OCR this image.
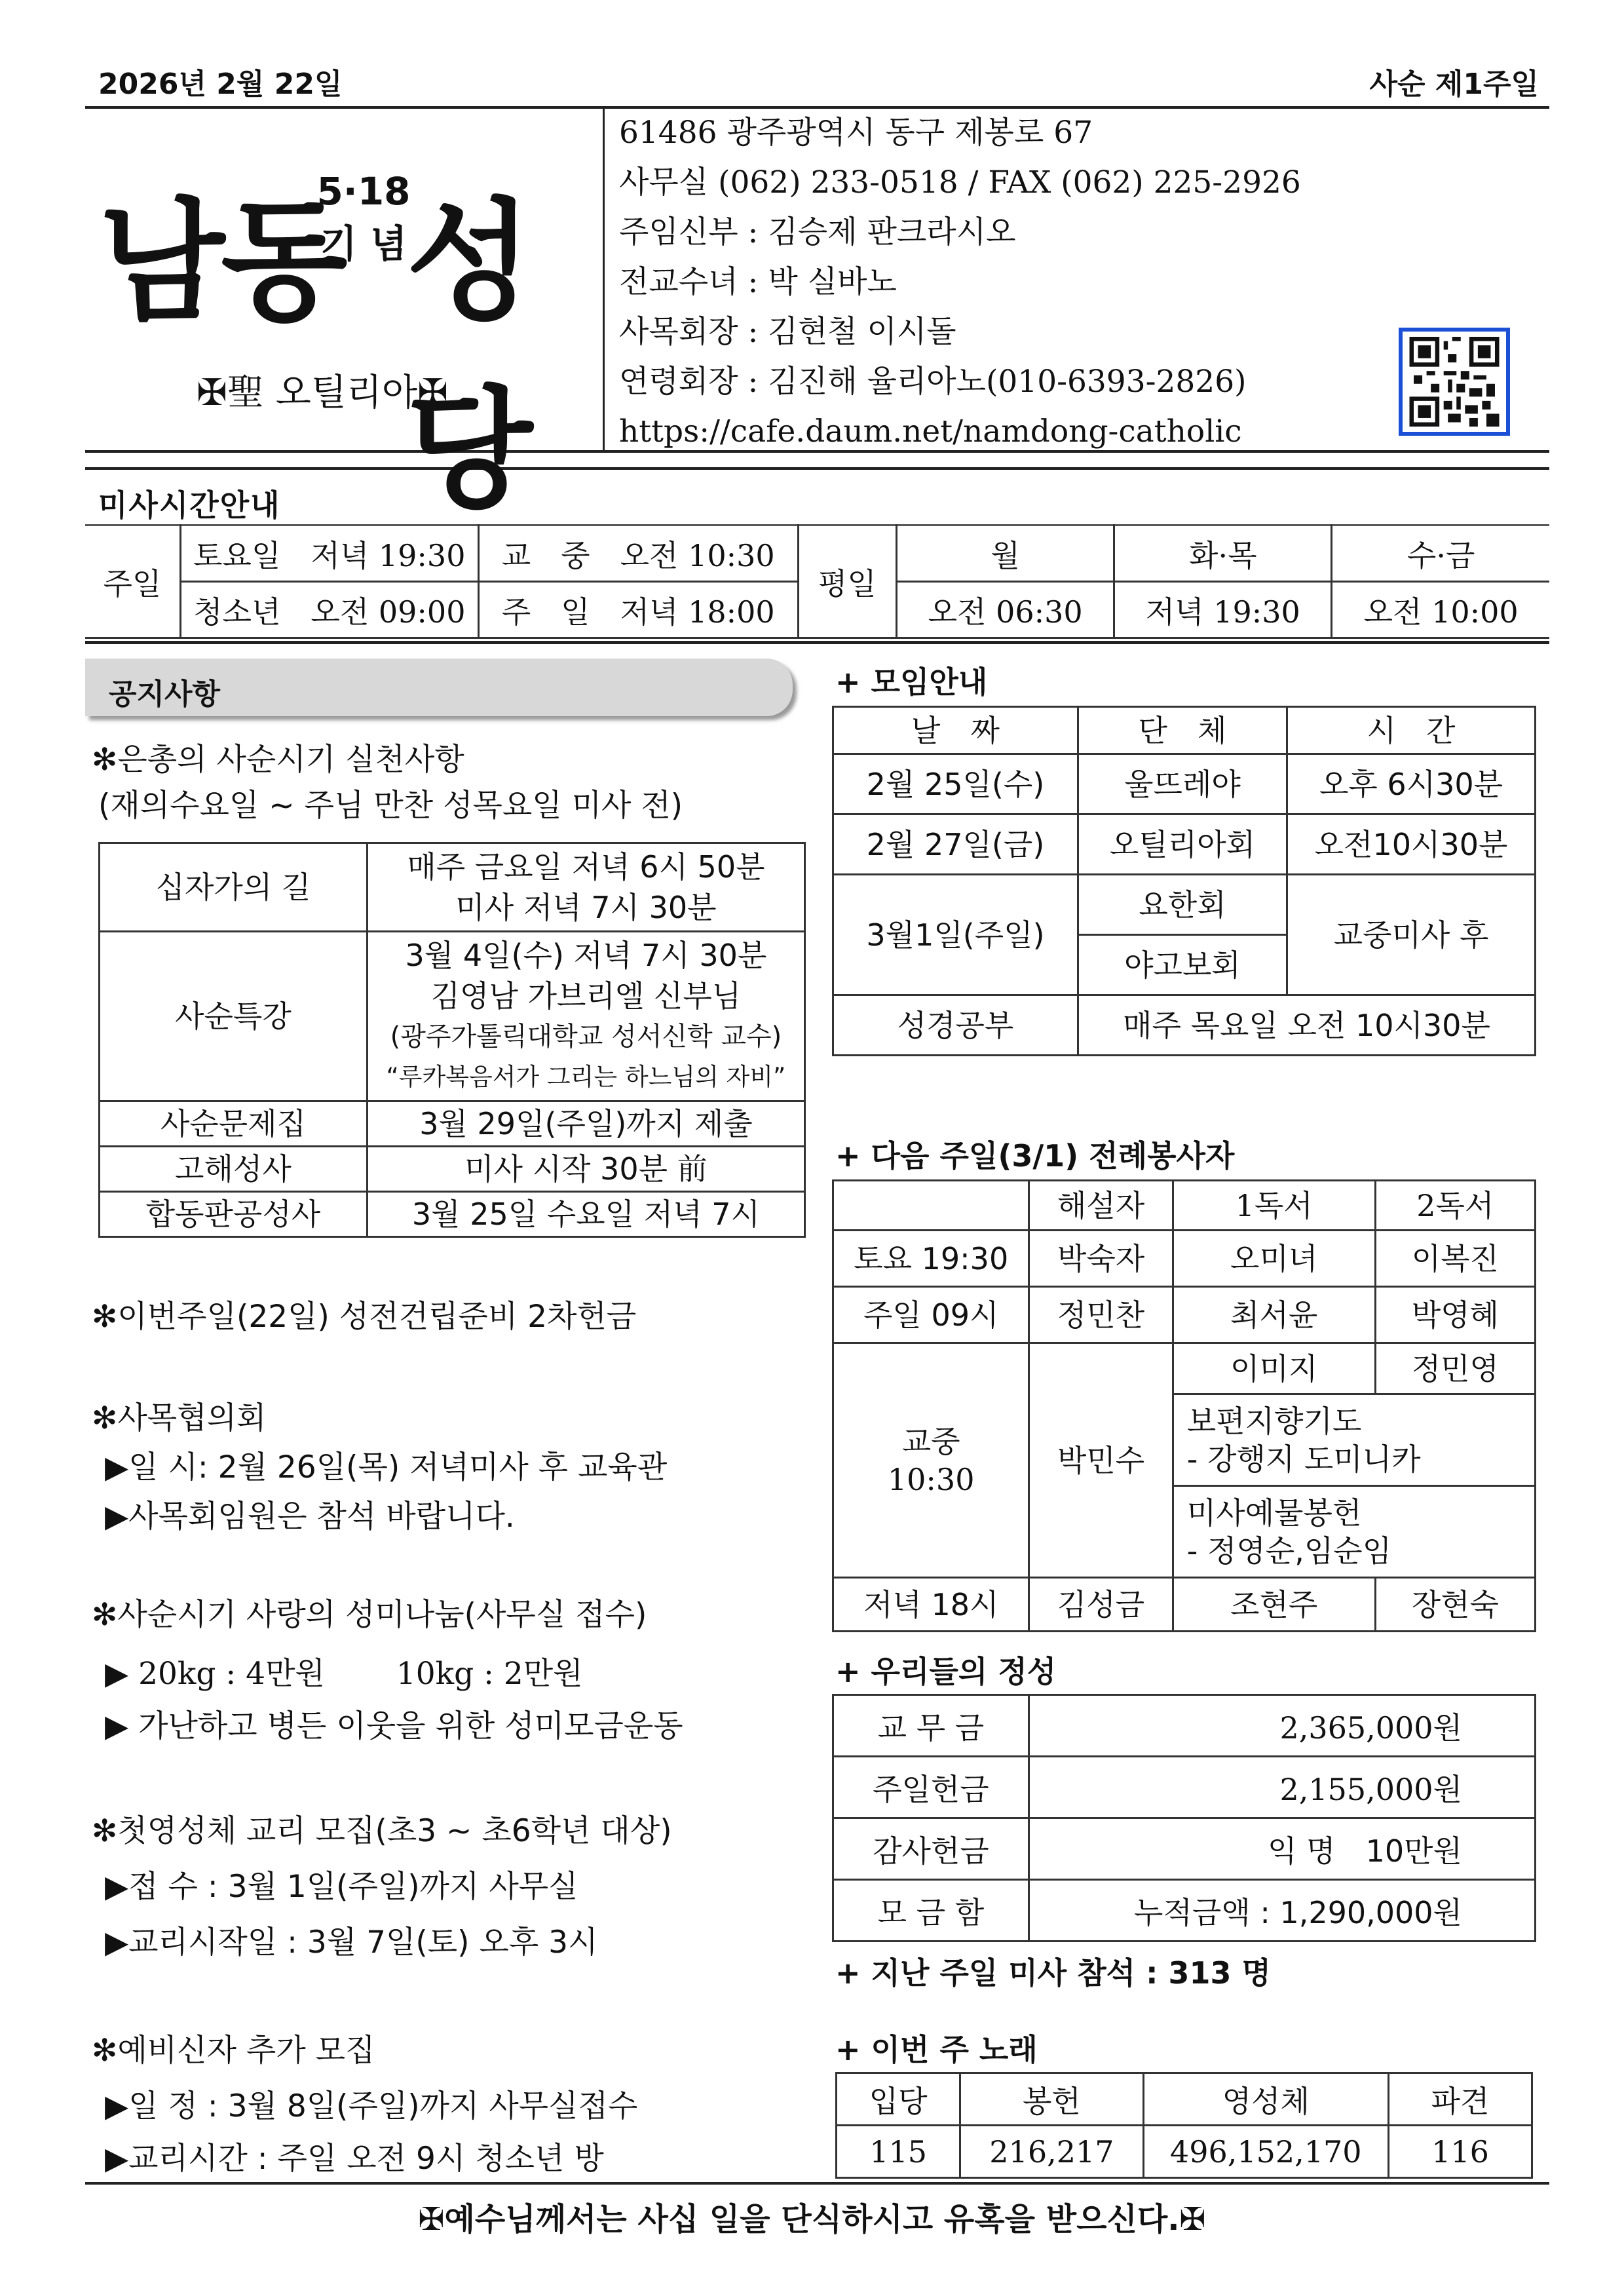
2026년 2월 22일	사순 제1주일
남동
5·18
기 념
성당
✠聖 오틸리아✠
61486 광주광역시 동구 제봉로 67
사무실 (062) 233-0518 / FAX (062) 225-2926
주임신부 : 김승제 판크라시오
전교수녀 : 박 실바노
사목회장 : 김현철 이시돌
연령회장 : 김진해 율리아노(010-6393-2826)
https://cafe.daum.net/namdong-catholic
미사시간안내
주일	토요일　저녁 19:30	교　중　오전 10:30	평일	월	화·목	수·금
	청소년　오전 09:00	주　일　저녁 18:00		오전 06:30	저녁 19:30	오전 10:00
공지사항
✻은총의 사순시기 실천사항
(재의수요일 ~ 주님 만찬 성목요일 미사 전)
십자가의 길	매주 금요일 저녁 6시 50분
미사 저녁 7시 30분

사순특강	3월 4일(수) 저녁 7시 30분
김영남 가브리엘 신부님
(광주가톨릭대학교 성서신학 교수)
“루카복음서가 그리는 하느님의 자비”

사순문제집	3월 29일(주일)까지 제출
고해성사	미사 시작 30분 前
합동판공성사	3월 25일 수요일 저녁 7시
✻이번주일(22일) 성전건립준비 2차헌금
✻사목협의회
▶일 시: 2월 26일(목) 저녁미사 후 교육관
▶사목회임원은 참석 바랍니다.
✻사순시기 사랑의 성미나눔(사무실 접수)
▶ 20kg : 4만원　　 10kg : 2만원
▶ 가난하고 병든 이웃을 위한 성미모금운동
✻첫영성체 교리 모집(초3 ~ 초6학년 대상)
▶접 수 : 3월 1일(주일)까지 사무실
▶교리시작일 : 3월 7일(토) 오후 3시
✻예비신자 추가 모집
▶일 정 : 3월 8일(주일)까지 사무실접수
▶교리시간 : 주일 오전 9시 청소년 방
+ 모임안내
날　짜	단　체	시　간
2월 25일(수)	울뜨레야	오후 6시30분
2월 27일(금)	오틸리아회	오전10시30분
3월1일(주일)	요한회	교중미사 후
	야고보회	
성경공부	매주 목요일 오전 10시30분	
+ 다음 주일(3/1) 전례봉사자
	해설자	1독서	2독서
토요 19:30	박숙자	오미녀	이복진
주일 09시	정민찬	최서윤	박영혜

교중
10:30	박민수	이미지	정민영

		보편지향기도
- 강행지 도미니카	

		미사예물봉헌
- 정영순,임순임	

저녁 18시	김성금	조현주	장현숙
+ 우리들의 정성
교 무 금	2,365,000원
주일헌금	2,155,000원
감사헌금	익 명　10만원
모 금 함	누적금액 : 1,290,000원
+ 지난 주일 미사 참석 : 313 명
+ 이번 주 노래
입당	봉헌	영성체	파견
115	216,217	496,152,170	116
✠예수님께서는 사십 일을 단식하시고 유혹을 받으신다.✠
